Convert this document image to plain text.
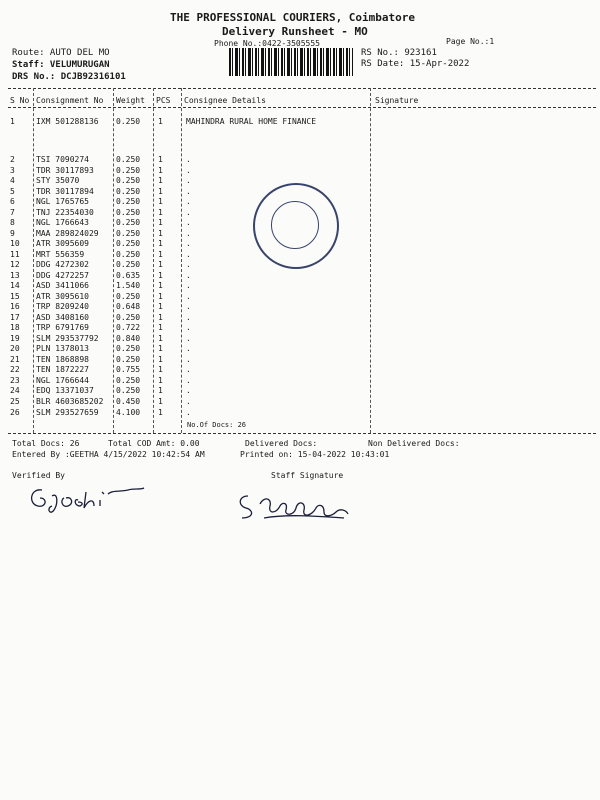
THE PROFESSIONAL COURIERS, Coimbatore
Delivery Runsheet - MO
Phone No.:0422-3505555	Page No.:1
Route: AUTO DEL MO
Staff: VELUMURUGAN
DRS No.: DCJB92316101
RS No.: 923161
RS Date: 15-Apr-2022
S No Consignment No Weight PCS Consignee Details	Signature
1	IXM 501288136 0.250 1	MAHINDRA RURAL HOME FINANCE
2	TSI 7090274	0.250 1	.
3	TDR 30117893	0.250 1	.
4	STY 35070	0.250 1	.
5	TDR 30117894	0.250 1	.
6	NGL 1765765	0.250 1	.
7	TNJ 22354030	0.250 1	.
8	NGL 1766643	0.250 1	.
9	MAA 289824029 0.250 1	.
10 ATR 3095609	0.250 1	.
11 MRT 556359	0.250 1	.
12 DDG 4272302	0.250 1	.
13 DDG 4272257	0.635 1	.
14 ASD 3411066	1.540 1	.
15 ATR 3095610	0.250 1	.
16 TRP 8209240	0.648 1	.
17 ASD 3408160	0.250 1	.
18 TRP 6791769	0.722 1	.
19 SLM 293537792 0.840 1	.
20 PLN 1378013	0.250 1	.
21 TEN 1868898	0.250 1	.
22 TEN 1872227	0.755 1	.
23 NGL 1766644	0.250 1	.
24 EDQ 13371037	0.250 1	.
25 BLR 4603685202 0.450 1	.
26 SLM 293527659 4.100 1	.
No.Of Docs: 26
Total Docs: 26	Total COD Amt: 0.00	Delivered Docs:	Non Delivered Docs:
Entered By :GEETHA 4/15/2022 10:42:54 AM	Printed on: 15-04-2022 10:43:01
Verified By	Staff Signature
